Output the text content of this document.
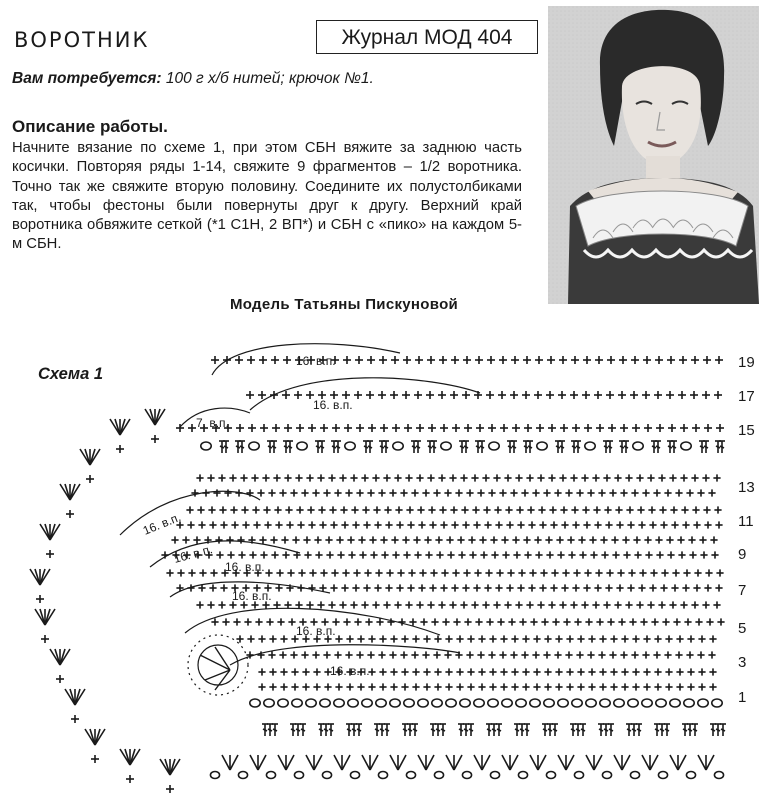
ВОРОТНИК	Журнал МОД 404
Вам потребуется: 100 г х/б нитей; крючок №1.
Описание работы.
Начните вязание по схеме 1, при этом СБН вяжите за заднюю часть косички. Повторяя ряды 1-14, свяжите 9 фрагментов – 1/2 воротника. Точно так же свяжите вторую половину. Соедините их полустолбиками так, чтобы фестоны были повернуты друг к другу. Верхний край воротника обвяжите сеткой (*1 С1Н, 2 ВП*) и СБН с «пико» на каждом 5-м СБН.
Модель Татьяны Пискуновой
Схема 1
16. в.п.
16. в.п.
7. в.п.
16. в.п.
16. в.п.
16. в.п.
16. в.п.
16. в.п.
16. в.п.
19
17
15
13
11
9
7
5
3
1
